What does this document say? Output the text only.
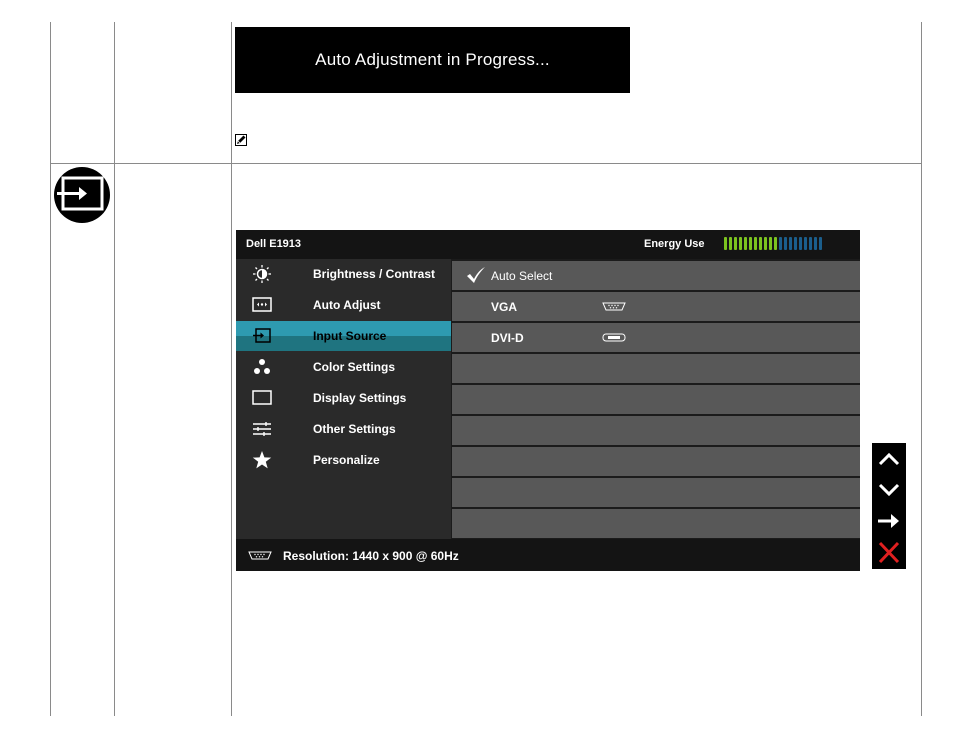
Auto Adjustment in Progress...
Dell E1913	Energy Use
Brightness / Contrast
Auto Adjust
Input Source
Color Settings
Display Settings
Other Settings
Personalize
Auto Select
VGA
DVI-D
Resolution: 1440 x 900 @ 60Hz
